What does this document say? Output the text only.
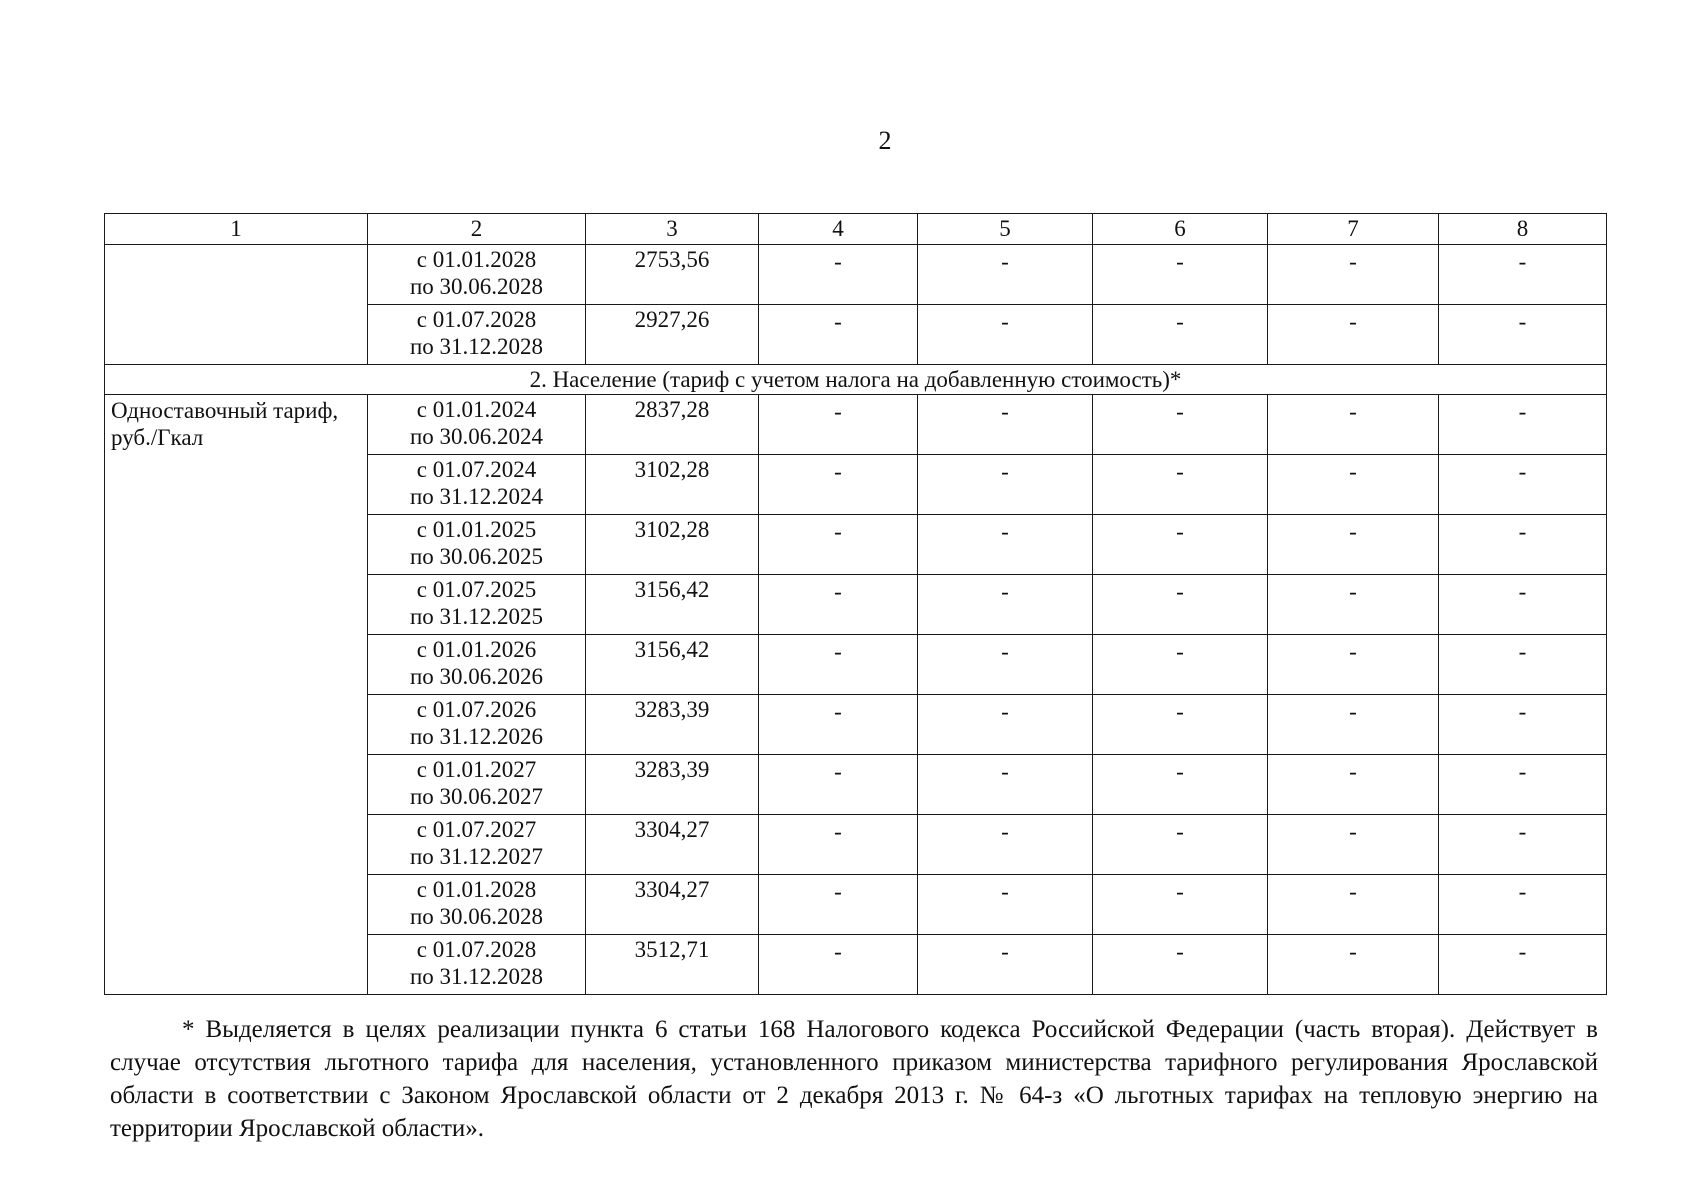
2
1	2	3	4	5	6	7	8

	с 01.01.2028
по 30.06.2028	2753,56	-	-	-	-	-

	с 01.07.2028
по 31.12.2028	2927,26	-	-	-	-	-
2. Население (тариф с учетом налога на добавленную стоимость)*							
Одноставочный тариф, руб./Гкал	с 01.01.2024
по 30.06.2024	2837,28	-	-	-	-	-

	с 01.07.2024
по 31.12.2024	3102,28	-	-	-	-	-

	с 01.01.2025
по 30.06.2025	3102,28	-	-	-	-	-

	с 01.07.2025
по 31.12.2025	3156,42	-	-	-	-	-

	с 01.01.2026
по 30.06.2026	3156,42	-	-	-	-	-

	с 01.07.2026
по 31.12.2026	3283,39	-	-	-	-	-

	с 01.01.2027
по 30.06.2027	3283,39	-	-	-	-	-

	с 01.07.2027
по 31.12.2027	3304,27	-	-	-	-	-

	с 01.01.2028
по 30.06.2028	3304,27	-	-	-	-	-

	с 01.07.2028
по 31.12.2028	3512,71	-	-	-	-	-

* Выделяется в целях реализации пункта 6 статьи 168 Налогового кодекса Российской Федерации (часть вторая). Действует в случае отсутствия льготного тарифа для населения, установленного приказом министерства тарифного регулирования Ярославской области в соответствии с Законом Ярославской области от 2 декабря 2013 г. № 64-з «О льготных тарифах на тепловую энергию на территории Ярославской области».
